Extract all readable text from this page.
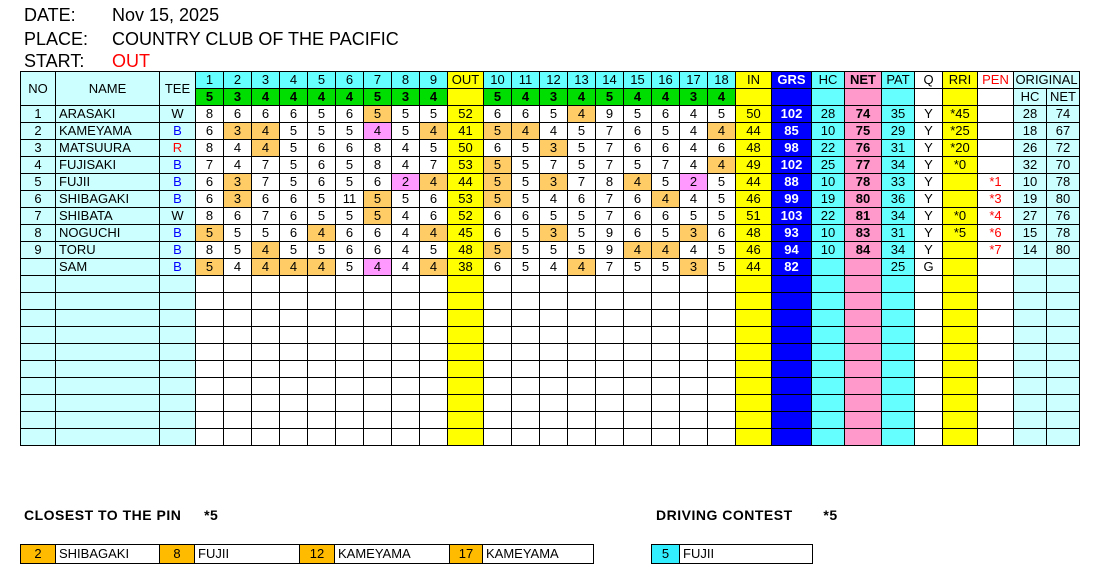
DATE: Nov 15, 2025
PLACE: COUNTRY CLUB OF THE PACIFIC
START: OUT
NO	NAME	TEE	1	2	3	4	5	6	7	8	9	OUT	10	11	12	13	14	15	16	17	18	IN	GRS	HC	NET	PAT	Q	RRI	PEN	ORIGINAL	
			5	3	4	4	4	4	5	3	4		5	4	3	4	5	4	4	3	4									HC	NET
1	ARASAKI	W	8	6	6	6	5	6	5	5	5	52	6	6	5	4	9	5	6	4	5	50	102	28	74	35	Y	*45		28	74
2	KAMEYAMA	B	6	3	4	5	5	5	4	5	4	41	5	4	4	5	7	6	5	4	4	44	85	10	75	29	Y	*25		18	67
3	MATSUURA	R	8	4	4	5	6	6	8	4	5	50	6	5	3	5	7	6	6	4	6	48	98	22	76	31	Y	*20		26	72
4	FUJISAKI	B	7	4	7	5	6	5	8	4	7	53	5	5	7	5	7	5	7	4	4	49	102	25	77	34	Y	*0		32	70
5	FUJII	B	6	3	7	5	6	5	6	2	4	44	5	5	3	7	8	4	5	2	5	44	88	10	78	33	Y		*1	10	78
6	SHIBAGAKI	B	6	3	6	6	5	11	5	5	6	53	5	5	4	6	7	6	4	4	5	46	99	19	80	36	Y		*3	19	80
7	SHIBATA	W	8	6	7	6	5	5	5	4	6	52	6	6	5	5	7	6	6	5	5	51	103	22	81	34	Y	*0	*4	27	76
8	NOGUCHI	B	5	5	5	6	4	6	6	4	4	45	6	5	3	5	9	6	5	3	6	48	93	10	83	31	Y	*5	*6	15	78
9	TORU	B	8	5	4	5	5	6	6	4	5	48	5	5	5	5	9	4	4	4	5	46	94	10	84	34	Y		*7	14	80
	SAM	B	5	4	4	4	4	5	4	4	4	38	6	5	4	4	7	5	5	3	5	44	82			25	G				

CLOSEST TO THE PIN *5	DRIVING CONTEST *5
2	SHIBAGAKI	8	FUJII	12	KAMEYAMA	17	KAMEYAMA	5	FUJII
